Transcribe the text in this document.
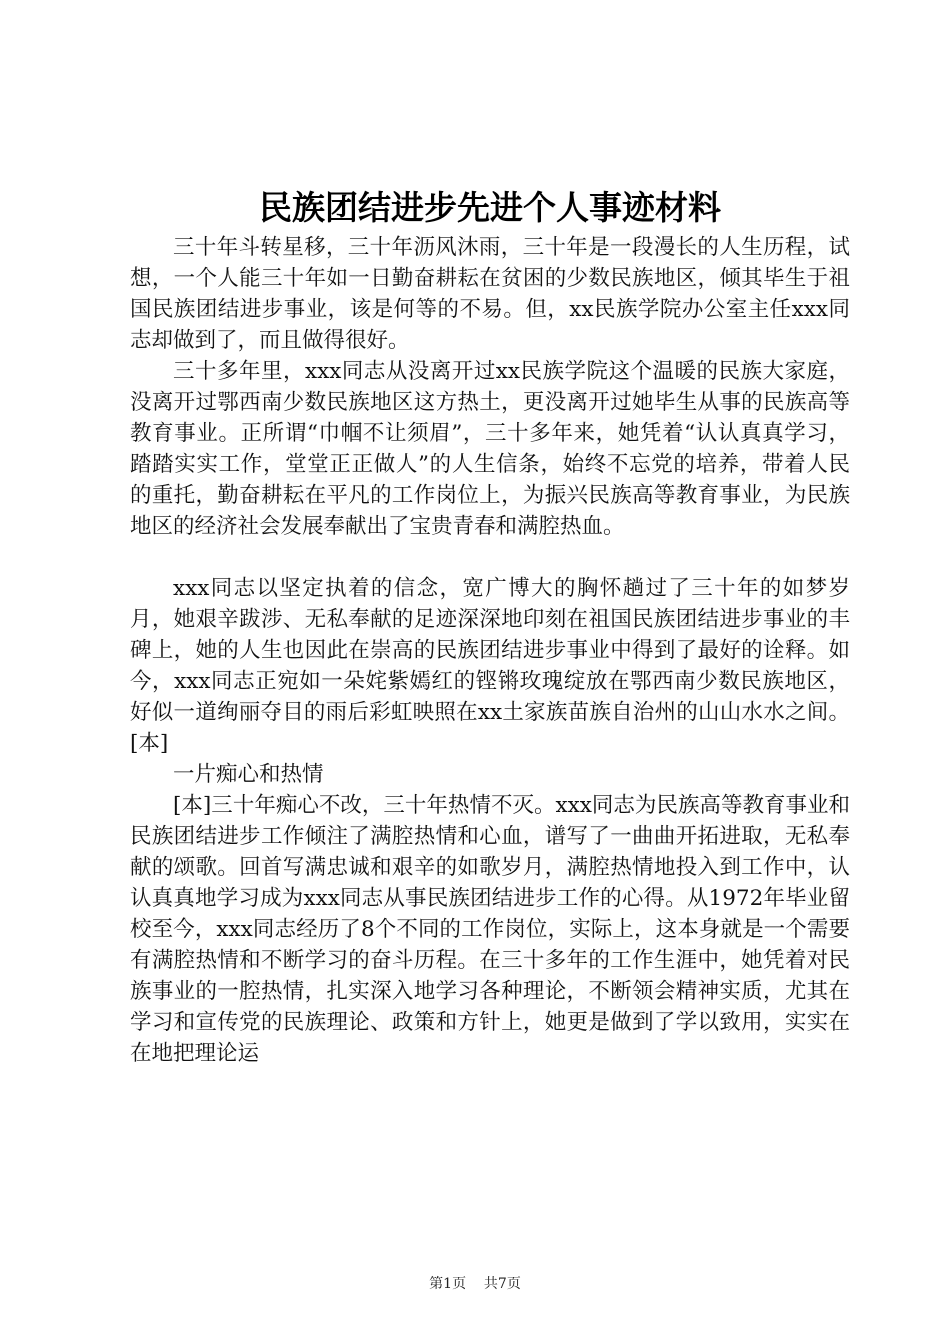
民族团结进步先进个人事迹材料

三十年斗转星移，三十年沥风沐雨，三十年是一段漫长的人生历程，试想，一个人能三十年如一日勤奋耕耘在贫困的少数民族地区，倾其毕生于祖国民族团结进步事业，该是何等的不易。但，xx民族学院办公室主任xxx同志却做到了，而且做得很好。

三十多年里，xxx同志从没离开过xx民族学院这个温暖的民族大家庭，没离开过鄂西南少数民族地区这方热土，更没离开过她毕生从事的民族高等教育事业。正所谓“巾帼不让须眉”，三十多年来，她凭着“认认真真学习，踏踏实实工作，堂堂正正做人”的人生信条，始终不忘党的培养，带着人民的重托，勤奋耕耘在平凡的工作岗位上，为振兴民族高等教育事业，为民族地区的经济社会发展奉献出了宝贵青春和满腔热血。

xxx同志以坚定执着的信念，宽广博大的胸怀趟过了三十年的如梦岁月，她艰辛跋涉、无私奉献的足迹深深地印刻在祖国民族团结进步事业的丰碑上，她的人生也因此在崇高的民族团结进步事业中得到了最好的诠释。如今，xxx同志正宛如一朵姹紫嫣红的铿锵玫瑰绽放在鄂西南少数民族地区，好似一道绚丽夺目的雨后彩虹映照在xx土家族苗族自治州的山山水水之间。[本]

一片痴心和热情

[本]三十年痴心不改，三十年热情不灭。xxx同志为民族高等教育事业和民族团结进步工作倾注了满腔热情和心血，谱写了一曲曲开拓进取，无私奉献的颂歌。回首写满忠诚和艰辛的如歌岁月，满腔热情地投入到工作中，认认真真地学习成为xxx同志从事民族团结进步工作的心得。从1972年毕业留校至今，xxx同志经历了8个不同的工作岗位，实际上，这本身就是一个需要有满腔热情和不断学习的奋斗历程。在三十多年的工作生涯中，她凭着对民族事业的一腔热情，扎实深入地学习各种理论，不断领会精神实质，尤其在学习和宣传党的民族理论、政策和方针上，她更是做到了学以致用，实实在在地把理论运

第1页 共7页
